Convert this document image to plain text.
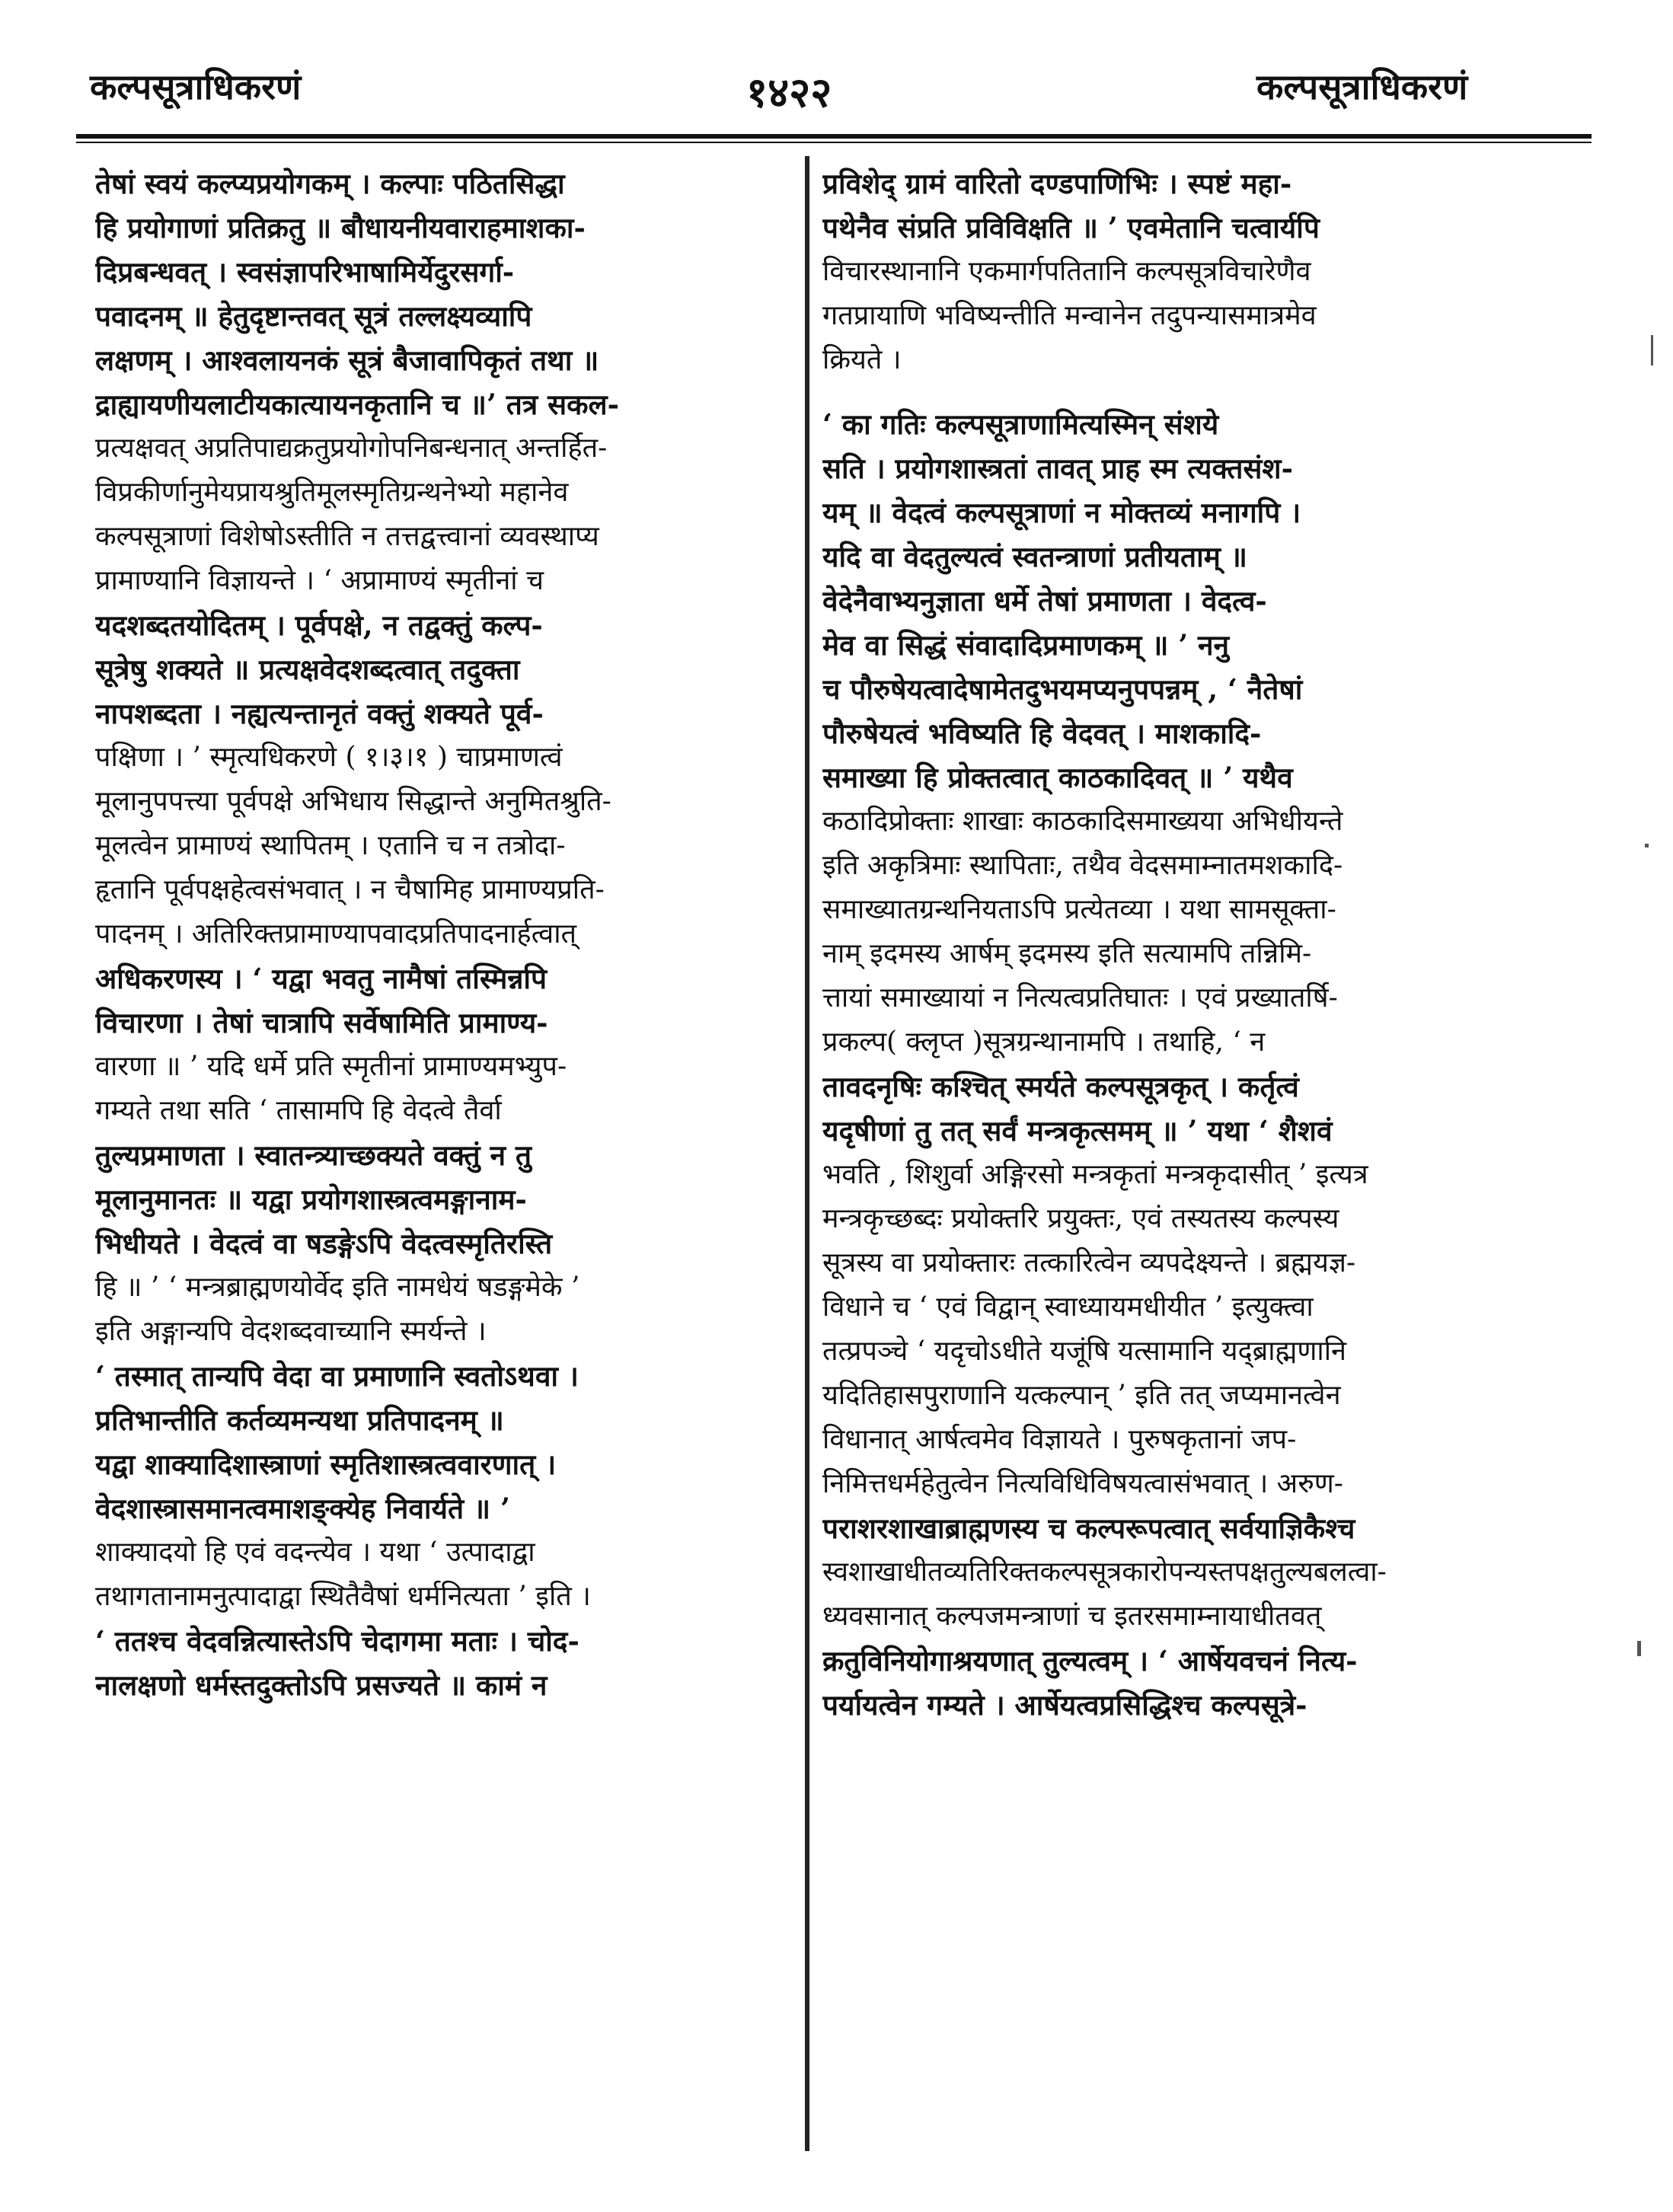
कल्पसूत्राधिकरणं	१४२२	कल्पसूत्राधिकरणं
तेषां स्वयं कल्प्यप्रयोगकम् । कल्पाः पठितसिद्धा
हि प्रयोगाणां प्रतिक्रतु ॥ बौधायनीयवाराहमाशका-
दिप्रबन्धवत् । स्वसंज्ञापरिभाषामिर्येदुरसर्गा-
पवादनम् ॥ हेतुदृष्टान्तवत् सूत्रं तल्लक्ष्यव्यापि
लक्षणम् । आश्वलायनकं सूत्रं बैजावापिकृतं तथा ॥
द्राह्यायणीयलाटीयकात्यायनकृतानि च ॥’ तत्र सकल-
प्रत्यक्षवत् अप्रतिपाद्यक्रतुप्रयोगोपनिबन्धनात् अन्तर्हित-
विप्रकीर्णानुमेयप्रायश्रुतिमूलस्मृतिग्रन्थनेभ्यो महानेव
कल्पसूत्राणां विशेषोऽस्तीति न तत्तद्वत्त्वानां व्यवस्थाप्य
प्रामाण्यानि विज्ञायन्ते । ‘ अप्रामाण्यं स्मृतीनां च
यदशब्दतयोदितम् । पूर्वपक्षे, न तद्वक्तुं कल्प-
सूत्रेषु शक्यते ॥ प्रत्यक्षवेदशब्दत्वात् तदुक्ता
नापशब्दता । नह्यत्यन्तानृतं वक्तुं शक्यते पूर्व-
पक्षिणा । ’ स्मृत्यधिकरणे ( १।३।१ ) चाप्रमाणत्वं
मूलानुपपत्त्या पूर्वपक्षे अभिधाय सिद्धान्ते अनुमितश्रुति-
मूलत्वेन प्रामाण्यं स्थापितम् । एतानि च न तत्रोदा-
हृतानि पूर्वपक्षहेत्वसंभवात् । न चैषामिह प्रामाण्यप्रति-
पादनम् । अतिरिक्तप्रामाण्यापवादप्रतिपादनार्हत्वात्
अधिकरणस्य । ‘ यद्वा भवतु नामैषां तस्मिन्नपि
विचारणा । तेषां चात्रापि सर्वेषामिति प्रामाण्य-
वारणा ॥ ’ यदि धर्मे प्रति स्मृतीनां प्रामाण्यमभ्युप-
गम्यते तथा सति ‘ तासामपि हि वेदत्वे तैर्वा
तुल्यप्रमाणता । स्वातन्त्र्याच्छक्यते वक्तुं न तु
मूलानुमानतः ॥ यद्वा प्रयोगशास्त्रत्वमङ्गानाम-
भिधीयते । वेदत्वं वा षडङ्गेऽपि वेदत्वस्मृतिरस्ति
हि ॥ ’ ‘ मन्त्रब्राह्मणयोर्वेद इति नामधेयं षडङ्गमेके ’
इति अङ्गान्यपि वेदशब्दवाच्यानि स्मर्यन्ते ।
‘ तस्मात् तान्यपि वेदा वा प्रमाणानि स्वतोऽथवा ।
प्रतिभान्तीति कर्तव्यमन्यथा प्रतिपादनम् ॥
यद्वा शाक्यादिशास्त्राणां स्मृतिशास्त्रत्ववारणात् ।
वेदशास्त्रासमानत्वमाशङ्क्येह निवार्यते ॥ ’
शाक्यादयो हि एवं वदन्त्येव । यथा ‘ उत्पादाद्वा
तथागतानामनुत्पादाद्वा स्थितैवैषां धर्मनित्यता ’ इति ।
‘ ततश्च वेदवन्नित्यास्तेऽपि चेदागमा मताः । चोद-
नालक्षणो धर्मस्तदुक्तोऽपि प्रसज्यते ॥ कामं न
प्रविशेद् ग्रामं वारितो दण्डपाणिभिः । स्पष्टं महा-
पथेनैव संप्रति प्रविविक्षति ॥ ’ एवमेतानि चत्वार्यपि
विचारस्थानानि एकमार्गपतितानि कल्पसूत्रविचारेणैव
गतप्रायाणि भविष्यन्तीति मन्वानेन तदुपन्यासमात्रमेव
क्रियते ।
‘ का गतिः कल्पसूत्राणामित्यस्मिन् संशये
सति । प्रयोगशास्त्रतां तावत् प्राह स्म त्यक्तसंश-
यम् ॥ वेदत्वं कल्पसूत्राणां न मोक्तव्यं मनागपि ।
यदि वा वेदतुल्यत्वं स्वतन्त्राणां प्रतीयताम् ॥
वेदेनैवाभ्यनुज्ञाता धर्मे तेषां प्रमाणता । वेदत्व-
मेव वा सिद्धं संवादादिप्रमाणकम् ॥ ’ ननु
च पौरुषेयत्वादेषामेतदुभयमप्यनुपपन्नम् , ‘ नैतेषां
पौरुषेयत्वं भविष्यति हि वेदवत् । माशकादि-
समाख्या हि प्रोक्तत्वात् काठकादिवत् ॥ ’ यथैव
कठादिप्रोक्ताः शाखाः काठकादिसमाख्यया अभिधीयन्ते
इति अकृत्रिमाः स्थापिताः, तथैव वेदसमाम्नातमशकादि-
समाख्यातग्रन्थनियताऽपि प्रत्येतव्या । यथा सामसूक्ता-
नाम् इदमस्य आर्षम् इदमस्य इति सत्यामपि तन्निमि-
त्तायां समाख्यायां न नित्यत्वप्रतिघातः । एवं प्रख्यातर्षि-
प्रकल्प( क्लृप्त )सूत्रग्रन्थानामपि । तथाहि, ‘ न
तावदनृषिः कश्चित् स्मर्यते कल्पसूत्रकृत् । कर्तृत्वं
यदृषीणां तु तत् सर्वं मन्त्रकृत्समम् ॥ ’ यथा ‘ शैशवं
भवति , शिशुर्वा अङ्गिरसो मन्त्रकृतां मन्त्रकृदासीत् ’ इत्यत्र
मन्त्रकृच्छब्दः प्रयोक्तरि प्रयुक्तः, एवं तस्यतस्य कल्पस्य
सूत्रस्य वा प्रयोक्तारः तत्कारित्वेन व्यपदेक्ष्यन्ते । ब्रह्मयज्ञ-
विधाने च ‘ एवं विद्वान् स्वाध्यायमधीयीत ’ इत्युक्त्वा
तत्प्रपञ्चे ‘ यदृचोऽधीते यजूंषि यत्सामानि यद्ब्राह्मणानि
यदितिहासपुराणानि यत्कल्पान् ’ इति तत् जप्यमानत्वेन
विधानात् आर्षत्वमेव विज्ञायते । पुरुषकृतानां जप-
निमित्तधर्महेतुत्वेन नित्यविधिविषयत्वासंभवात् । अरुण-
पराशरशाखाब्राह्मणस्य च कल्परूपत्वात् सर्वयाज्ञिकैश्च
स्वशाखाधीतव्यतिरिक्तकल्पसूत्रकारोपन्यस्तपक्षतुल्यबलत्वा-
ध्यवसानात् कल्पजमन्त्राणां च इतरसमाम्नायाधीतवत्
क्रतुविनियोगाश्रयणात् तुल्यत्वम् । ‘ आर्षेयवचनं नित्य-
पर्यायत्वेन गम्यते । आर्षेयत्वप्रसिद्धिश्च कल्पसूत्रे-
